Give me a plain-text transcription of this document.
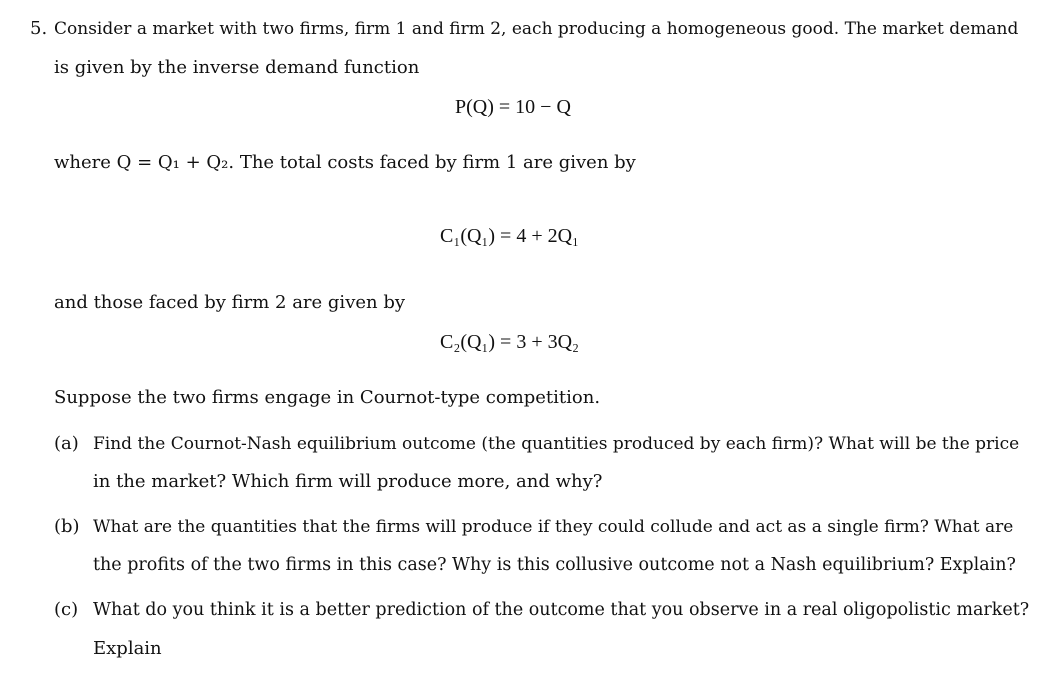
5. Consider a market with two firms, firm 1 and firm 2, each producing a homogeneous good. The market demand
is given by the inverse demand function
P(Q) = 10 − Q
where Q = Q₁ + Q₂. The total costs faced by firm 1 are given by
C₁(Q₁) = 4 + 2Q₁
and those faced by firm 2 are given by
C₂(Q₁) = 3 + 3Q₂
Suppose the two firms engage in Cournot-type competition.
(a) Find the Cournot-Nash equilibrium outcome (the quantities produced by each firm)? What will be the price
in the market? Which firm will produce more, and why?
(b) What are the quantities that the firms will produce if they could collude and act as a single firm? What are
the profits of the two firms in this case? Why is this collusive outcome not a Nash equilibrium? Explain?
(c) What do you think it is a better prediction of the outcome that you observe in a real oligopolistic market?
Explain
